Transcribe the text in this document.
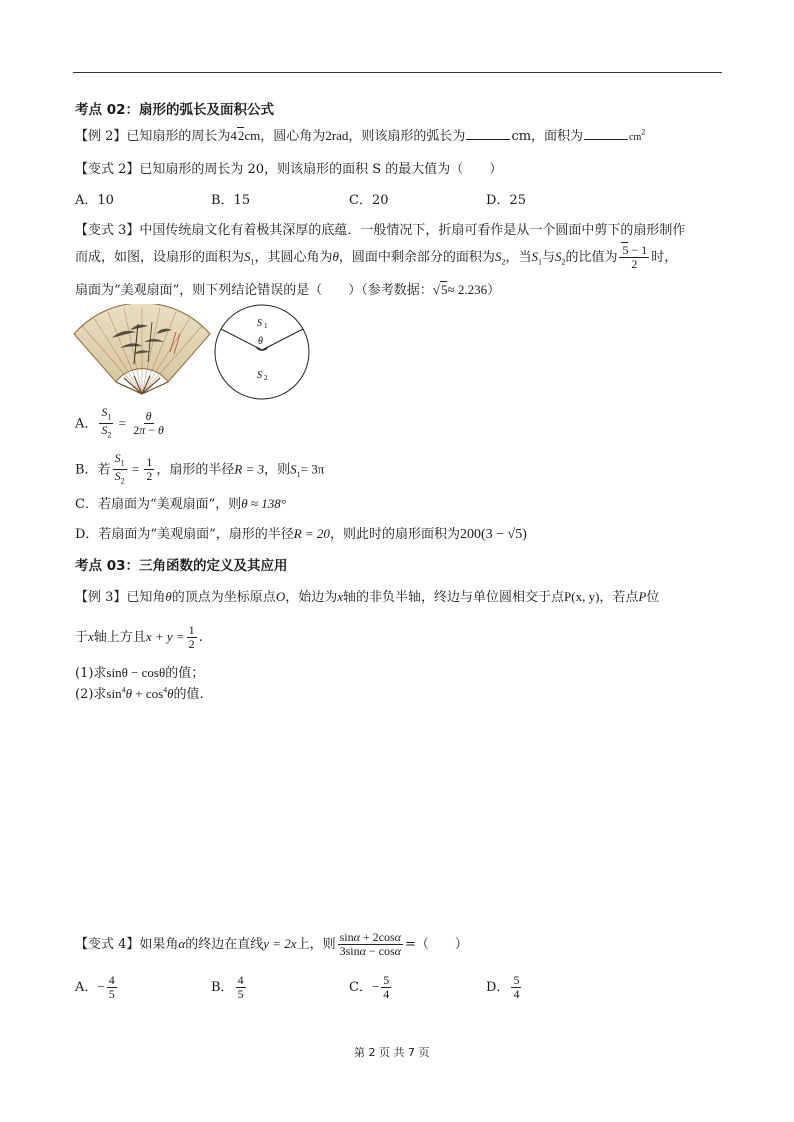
考点 02：扇形的弧长及面积公式
【例 2】已知扇形的周长为42cm，圆心角为2rad，则该扇形的弧长为	cm，面积为	$cm^2$
【变式 2】已知扇形的周长为 20，则该扇形的面积 S 的最大值为（　　）
A．10	B．15	C．20	D．25
【变式 3】中国传统扇文化有着极其深厚的底蕴．一般情况下，折扇可看作是从一个圆面中剪下的扇形制作
而成，如图，设扇形的面积为$S_1$，其圆心角为θ，圆面中剩余部分的面积为$S_2$，当$S_1$与$S_2$的比值为 $\frac{5 - 1}{2}$ 时，
扇面为“美观扇面”，则下列结论错误的是（　　）（参考数据：√5≈ 2.236）
S 1
θ
S 2
A． $\frac{S_1}{S_2} = \frac{\theta}{2\pi - \theta}$
B．若 $\frac{S_1}{S_2} = \frac{1}{2}$ ，扇形的半径R = 3，则$S_1= 3\pi$
C．若扇面为“美观扇面”，则θ ≈ 138°
D．若扇面为“美观扇面”，扇形的半径R = 20，则此时的扇形面积为200(3 − √5)
考点 03：三角函数的定义及其应用
【例 3】已知角θ的顶点为坐标原点O，始边为x轴的非负半轴，终边与单位圆相交于点P(x, y)，若点P位
于x轴上方且$x + y = \frac{1}{2}$ .
(1)求sinθ − cosθ的值；
(2)求$\sin^4\theta + \cos^4\theta$的值.
【变式 4】如果角α的终边在直线y = 2x上，则 $\frac{\sin\alpha + 2\cos\alpha}{3\sin\alpha - \cos\alpha}$ =（　　）
A．− $\frac{4}{5}$	B． $\frac{4}{5}$	C．− $\frac{5}{4}$	D． $\frac{5}{4}$
第 2 页 共 7 页
